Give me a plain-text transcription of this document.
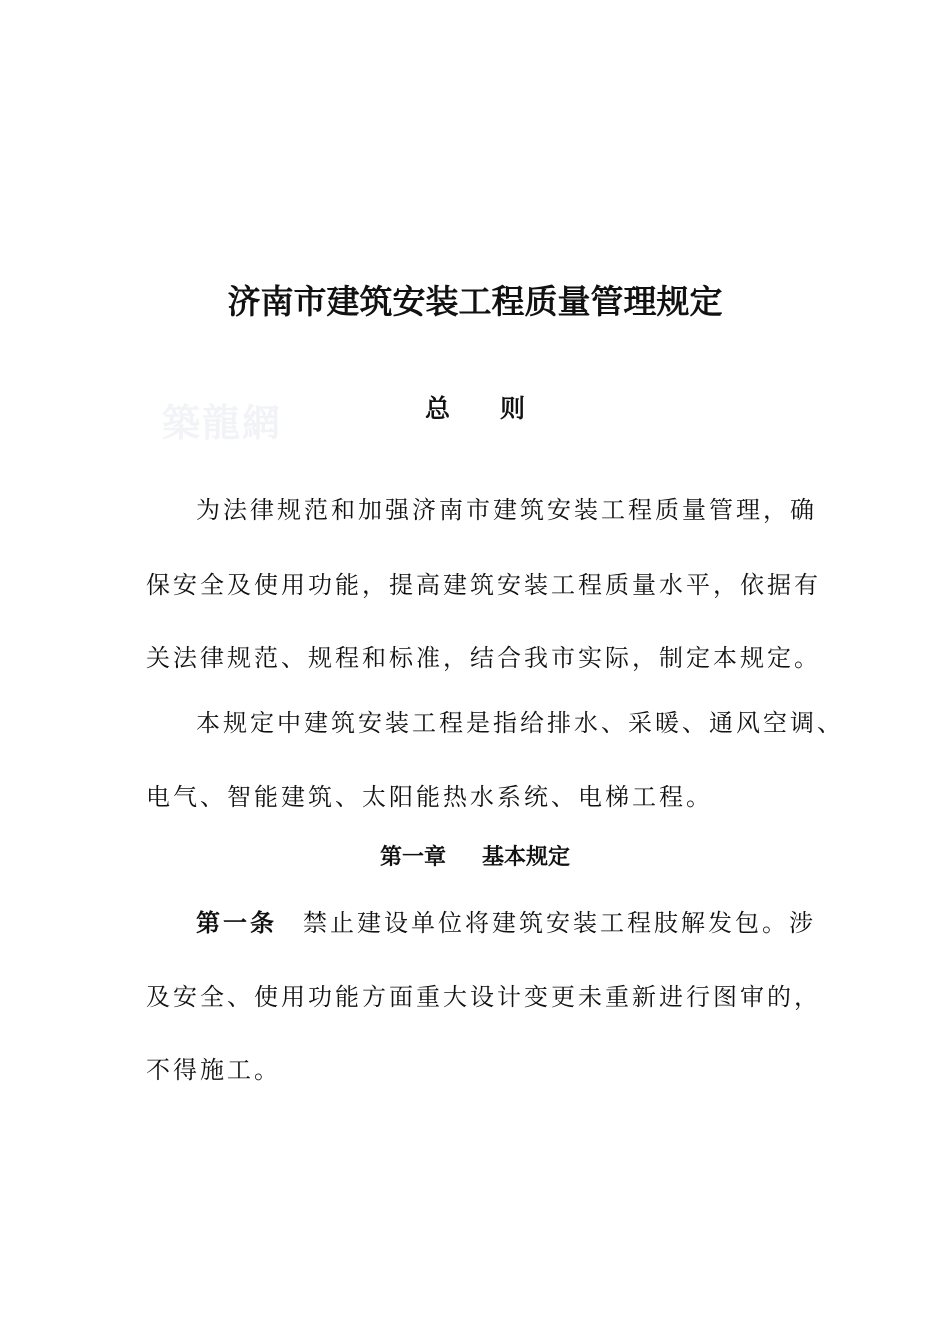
築龍網
济南市建筑安装工程质量管理规定
总 则
为法律规范和加强济南市建筑安装工程质量管理，确
保安全及使用功能，提高建筑安装工程质量水平，依据有
关法律规范、规程和标准，结合我市实际，制定本规定。
本规定中建筑安装工程是指给排水、采暖、通风空调、
电气、智能建筑、太阳能热水系统、电梯工程。
第一章 基本规定
第一条 禁止建设单位将建筑安装工程肢解发包。涉
及安全、使用功能方面重大设计变更未重新进行图审的，
不得施工。
